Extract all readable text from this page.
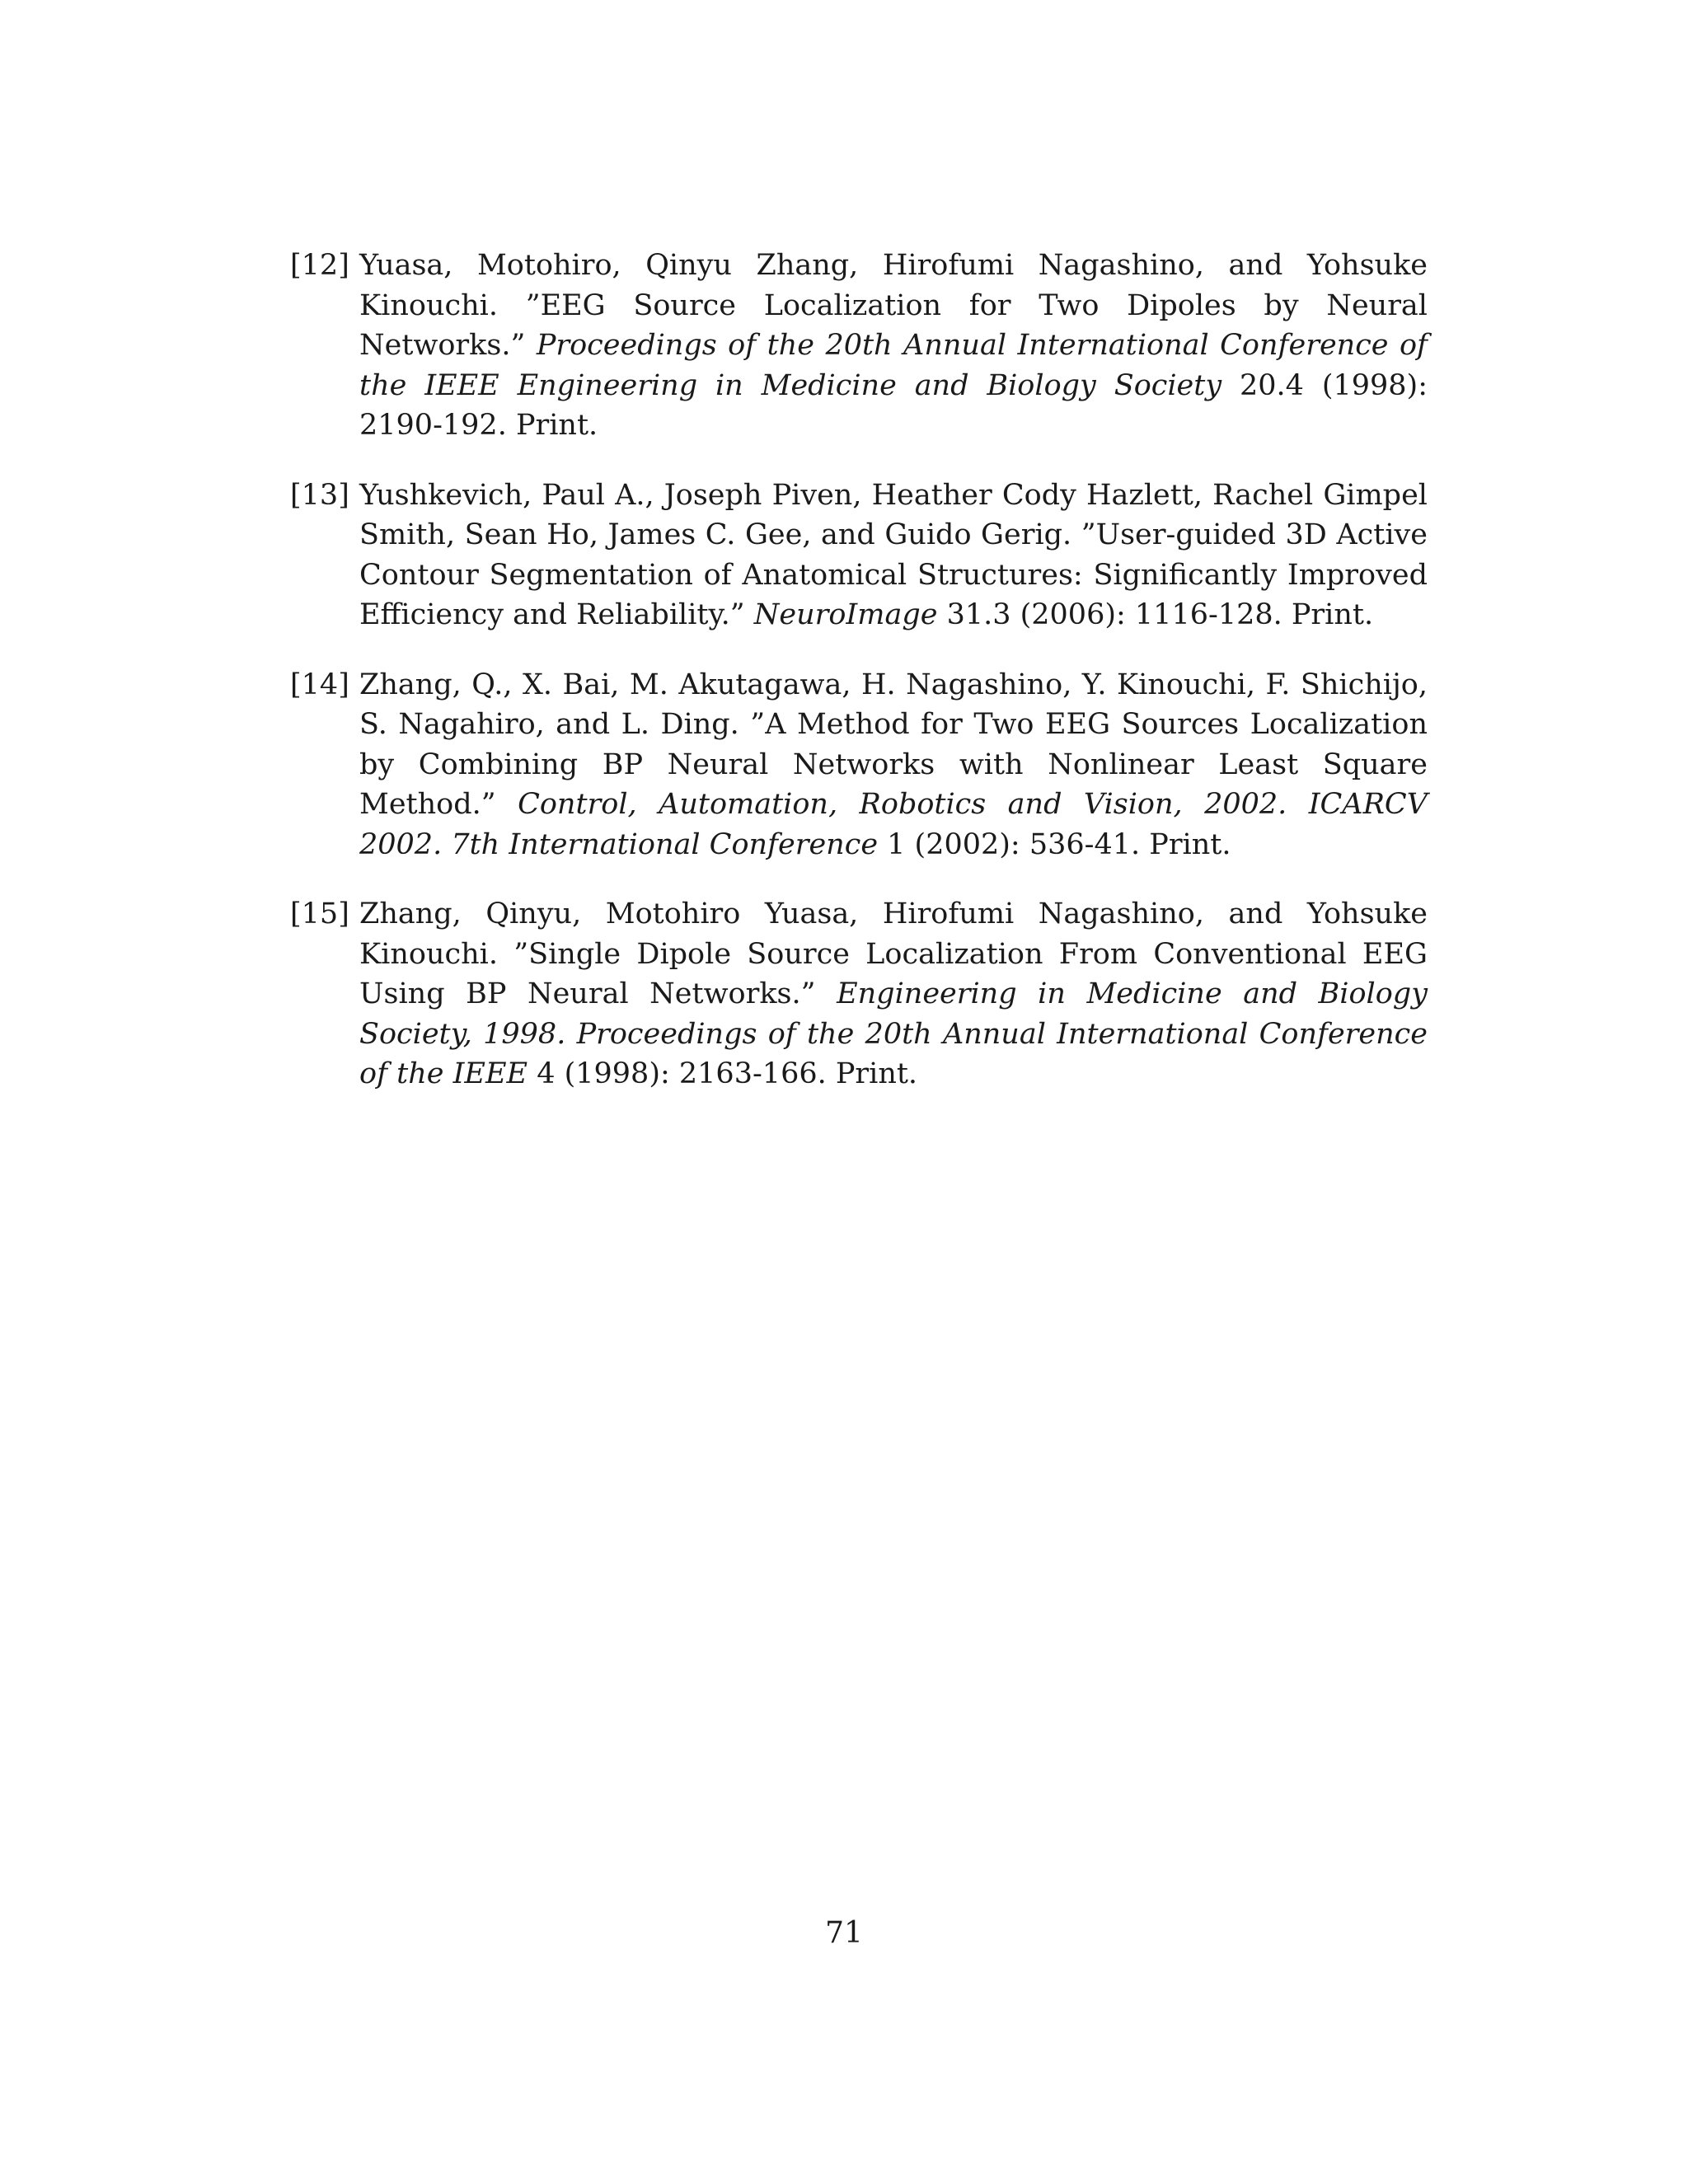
[12] Yuasa, Motohiro, Qinyu Zhang, Hirofumi Nagashino, and Yohsuke Kinouchi. ”EEG Source Localization for Two Dipoles by Neural Networks.” Proceedings of the 20th Annual International Conference of the IEEE Engineering in Medicine and Biology Society 20.4 (1998): 2190-192. Print.
[13] Yushkevich, Paul A., Joseph Piven, Heather Cody Hazlett, Rachel Gimpel Smith, Sean Ho, James C. Gee, and Guido Gerig. ”User-guided 3D Active Contour Segmentation of Anatomical Structures: Significantly Improved Efficiency and Reliability.” NeuroImage 31.3 (2006): 1116-128. Print.
[14] Zhang, Q., X. Bai, M. Akutagawa, H. Nagashino, Y. Kinouchi, F. Shichijo, S. Nagahiro, and L. Ding. ”A Method for Two EEG Sources Localization by Combining BP Neural Networks with Nonlinear Least Square Method.” Control, Automation, Robotics and Vision, 2002. ICARCV 2002. 7th International Conference 1 (2002): 536-41. Print.
[15] Zhang, Qinyu, Motohiro Yuasa, Hirofumi Nagashino, and Yohsuke Kinouchi. ”Single Dipole Source Localization From Conventional EEG Using BP Neural Networks.” Engineering in Medicine and Biology Society, 1998. Proceedings of the 20th Annual International Conference of the IEEE 4 (1998): 2163-166. Print.
71
